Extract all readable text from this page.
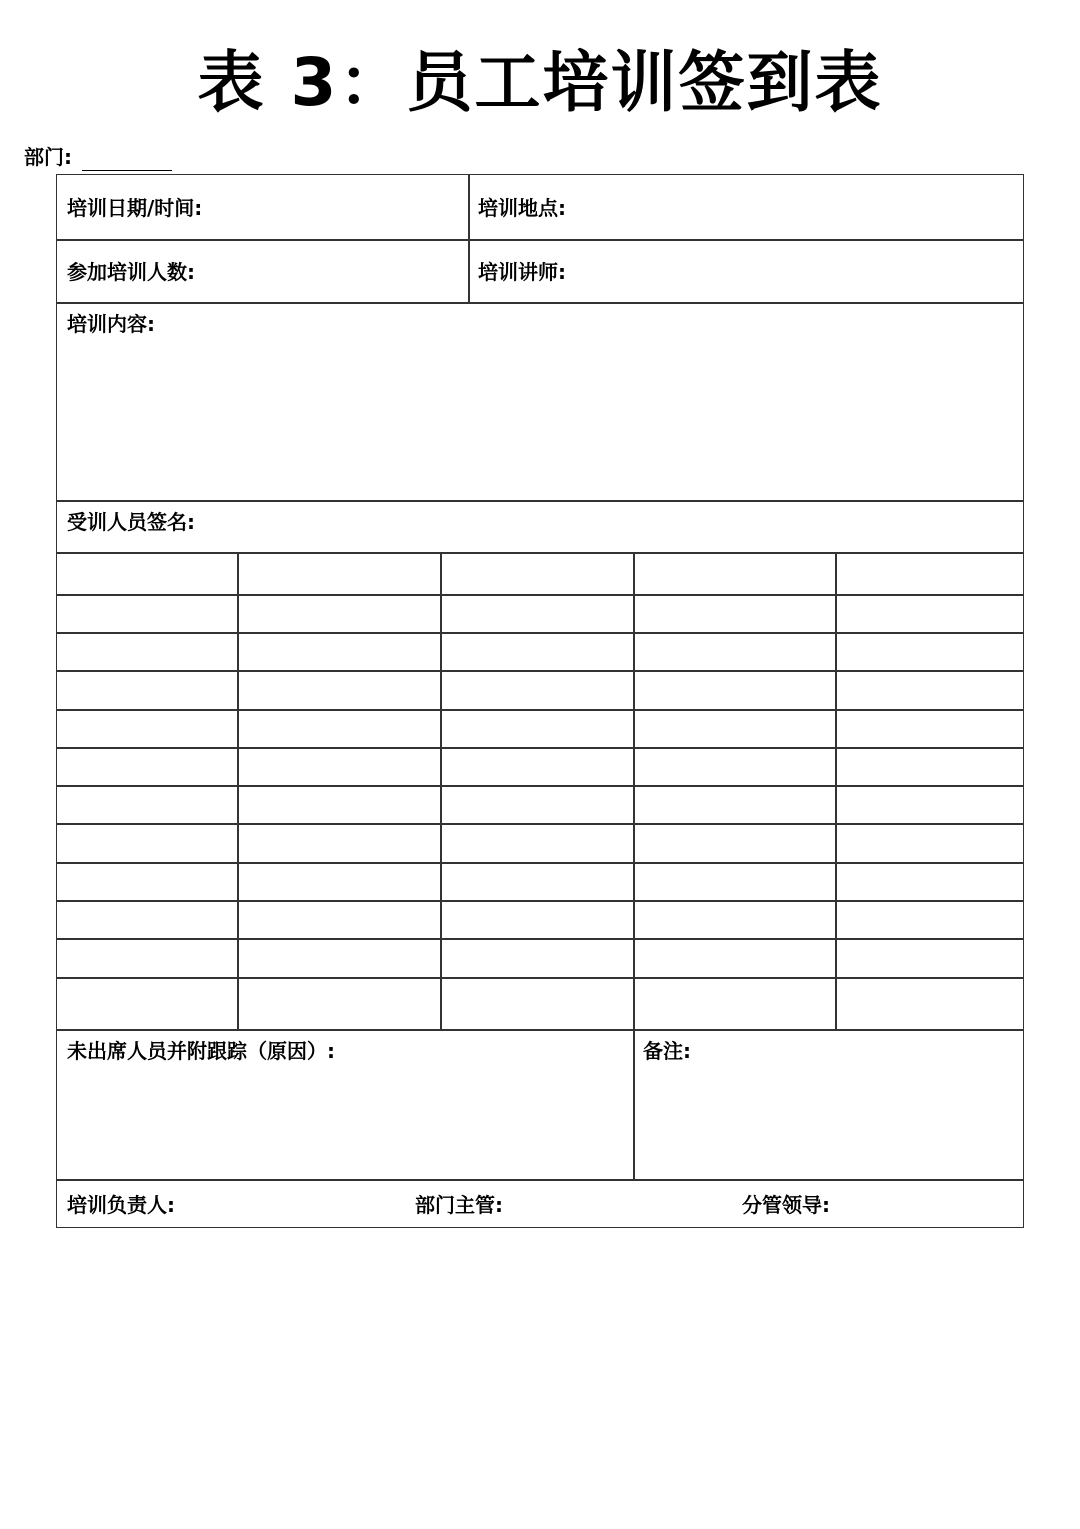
表 3：员工培训签到表
部门:
培训日期/时间:	培训地点:
参加培训人数:	培训讲师:
培训内容:
受训人员签名:
未出席人员并附跟踪（原因）:	备注:
培训负责人:	部门主管:	分管领导:
